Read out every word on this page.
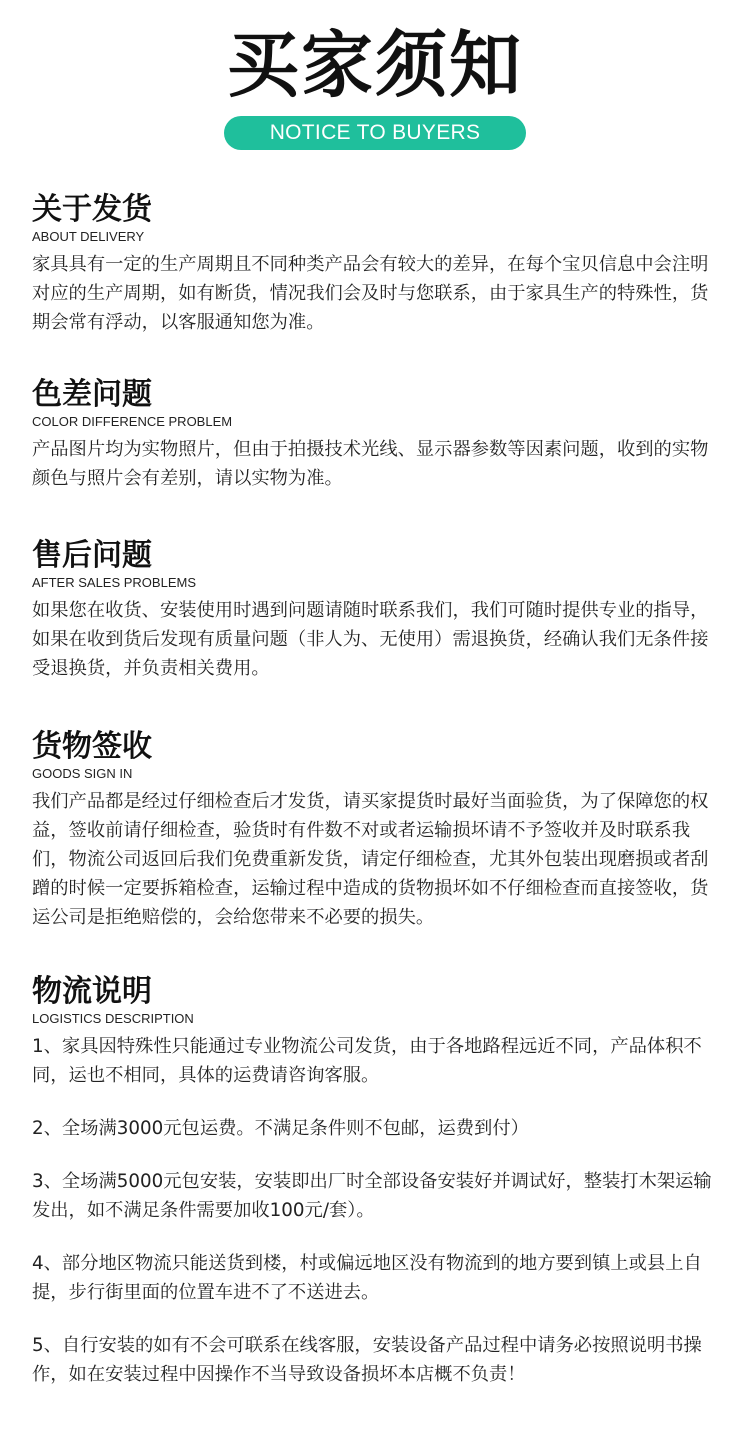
买家须知
NOTICE TO BUYERS
关于发货
ABOUT DELIVERY

家具具有一定的生产周期且不同种类产品会有较大的差异，在每个宝贝信息中会注明对应的生产周期，如有断货，情况我们会及时与您联系，由于家具生产的特殊性，货期会常有浮动，以客服通知您为准。

色差问题
COLOR DIFFERENCE PROBLEM

产品图片均为实物照片，但由于拍摄技术光线、显示器参数等因素问题，收到的实物颜色与照片会有差别，请以实物为准。

售后问题
AFTER SALES PROBLEMS

如果您在收货、安装使用时遇到问题请随时联系我们，我们可随时提供专业的指导，如果在收到货后发现有质量问题（非人为、无使用）需退换货，经确认我们无条件接受退换货，并负责相关费用。

货物签收
GOODS SIGN IN

我们产品都是经过仔细检查后才发货，请买家提货时最好当面验货，为了保障您的权益，签收前请仔细检查，验货时有件数不对或者运输损坏请不予签收并及时联系我们，物流公司返回后我们免费重新发货，请定仔细检查，尤其外包装出现磨损或者刮蹭的时候一定要拆箱检查，运输过程中造成的货物损坏如不仔细检查而直接签收，货运公司是拒绝赔偿的，会给您带来不必要的损失。

物流说明
LOGISTICS DESCRIPTION

1、家具因特殊性只能通过专业物流公司发货，由于各地路程远近不同，产品体积不同，运也不相同，具体的运费请咨询客服。

2、全场满3000元包运费。不满足条件则不包邮，运费到付）

3、全场满5000元包安装，安装即出厂时全部设备安装好并调试好，整装打木架运输发出，如不满足条件需要加收100元/套）。

4、部分地区物流只能送货到楼，村或偏远地区没有物流到的地方要到镇上或县上自提，步行街里面的位置车进不了不送进去。

5、自行安装的如有不会可联系在线客服，安装设备产品过程中请务必按照说明书操作，如在安装过程中因操作不当导致设备损坏本店概不负责！
